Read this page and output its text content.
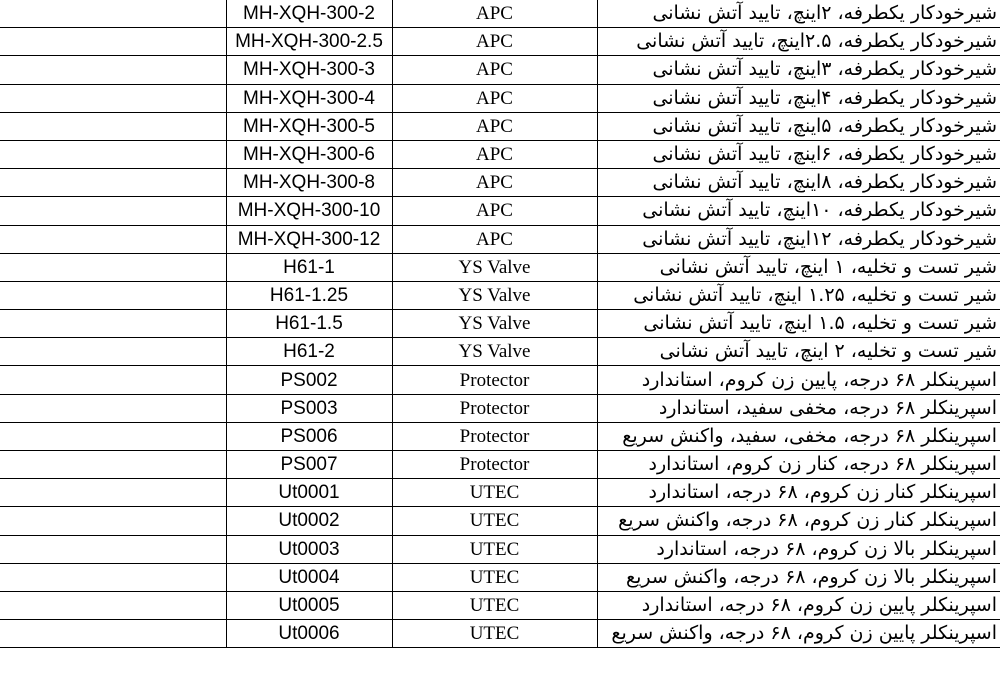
	MH-XQH-300-2	APC	شیرخودکار یکطرفه، ۲اینچ، تایید آتش نشانی
	MH-XQH-300-2.5	APC	شیرخودکار یکطرفه، ۲.۵اینچ، تایید آتش نشانی
	MH-XQH-300-3	APC	شیرخودکار یکطرفه، ۳اینچ، تایید آتش نشانی
	MH-XQH-300-4	APC	شیرخودکار یکطرفه، ۴اینچ، تایید آتش نشانی
	MH-XQH-300-5	APC	شیرخودکار یکطرفه، ۵اینچ، تایید آتش نشانی
	MH-XQH-300-6	APC	شیرخودکار یکطرفه، ۶اینچ، تایید آتش نشانی
	MH-XQH-300-8	APC	شیرخودکار یکطرفه، ۸اینچ، تایید آتش نشانی
	MH-XQH-300-10	APC	شیرخودکار یکطرفه، ۱۰اینچ، تایید آتش نشانی
	MH-XQH-300-12	APC	شیرخودکار یکطرفه، ۱۲اینچ، تایید آتش نشانی
	H61-1	YS Valve	شیر تست و تخلیه، ۱ اینچ، تایید آتش نشانی
	H61-1.25	YS Valve	شیر تست و تخلیه، ۱.۲۵ اینچ، تایید آتش نشانی
	H61-1.5	YS Valve	شیر تست و تخلیه، ۱.۵ اینچ، تایید آتش نشانی
	H61-2	YS Valve	شیر تست و تخلیه، ۲ اینچ، تایید آتش نشانی
	PS002	Protector	اسپرینکلر ۶۸ درجه، پایین زن کروم، استاندارد
	PS003	Protector	اسپرینکلر ۶۸ درجه، مخفی سفید، استاندارد
	PS006	Protector	اسپرینکلر ۶۸ درجه، مخفی، سفید، واکنش سریع
	PS007	Protector	اسپرینکلر ۶۸ درجه، کنار زن کروم، استاندارد
	Ut0001	UTEC	اسپرینکلر کنار زن کروم، ۶۸ درجه، استاندارد
	Ut0002	UTEC	اسپرینکلر کنار زن کروم، ۶۸ درجه، واکنش سریع
	Ut0003	UTEC	اسپرینکلر بالا زن کروم، ۶۸ درجه، استاندارد
	Ut0004	UTEC	اسپرینکلر بالا زن کروم، ۶۸ درجه، واکنش سریع
	Ut0005	UTEC	اسپرینکلر پایین زن کروم، ۶۸ درجه، استاندارد
	Ut0006	UTEC	اسپرینکلر پایین زن کروم، ۶۸ درجه، واکنش سریع
